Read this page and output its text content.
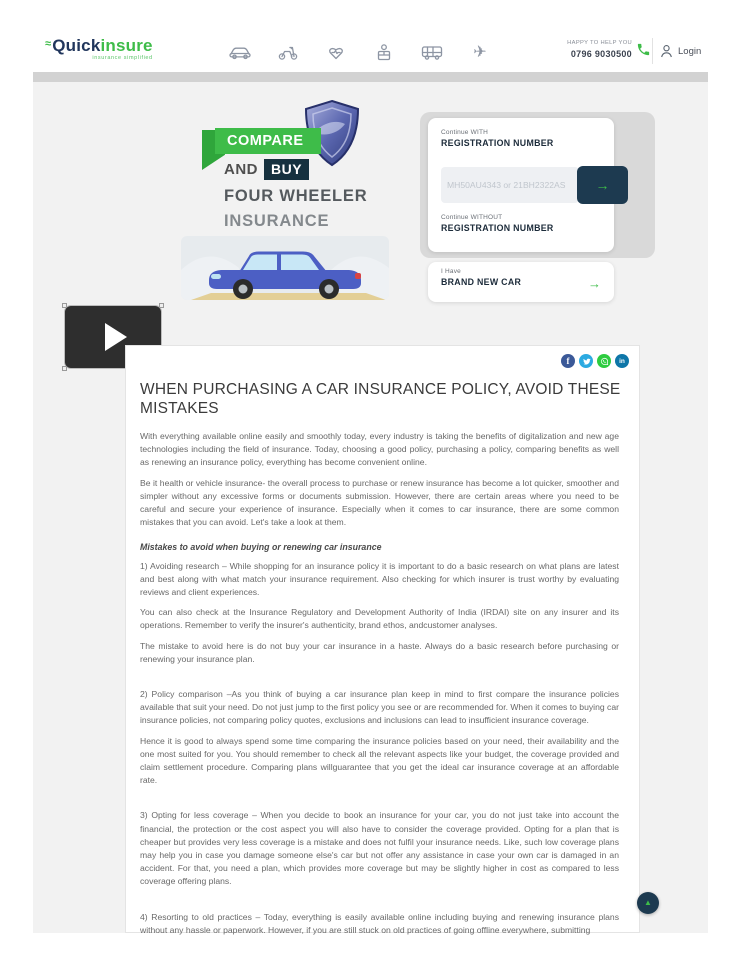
≈Quickinsure
insurance simplified	✈
HAPPY TO HELP YOU
0796 9030500	Login
COMPARE
AND BUY
FOUR WHEELER
INSURANCE
Continue WITH
REGISTRATION NUMBER
MH50AU4343 or 21BH2322AS
→
Continue WITHOUT
REGISTRATION NUMBER
I Have
BRAND NEW CAR	→
f	in
WHEN PURCHASING A CAR INSURANCE POLICY, AVOID THESE MISTAKES

With everything available online easily and smoothly today, every industry is taking the benefits of digitalization and new age technologies including the field of insurance. Today, choosing a good policy, purchasing a policy, comparing benefits as well as renewing an insurance policy, everything has become convenient online.

Be it health or vehicle insurance- the overall process to purchase or renew insurance has become a lot quicker, smoother and simpler without any excessive forms or documents submission. However, there are certain areas where you need to be careful and secure your experience of insurance. Especially when it comes to car insurance, there are some common mistakes that you can avoid. Let's take a look at them.

Mistakes to avoid when buying or renewing car insurance

1) Avoiding research – While shopping for an insurance policy it is important to do a basic research on what plans are latest and best along with what match your insurance requirement. Also checking for which insurer is trust worthy by evaluating reviews and client experiences.

You can also check at the Insurance Regulatory and Development Authority of India (IRDAI) site on any insurer and its operations. Remember to verify the insurer's authenticity, brand ethos, andcustomer analyses.

The mistake to avoid here is do not buy your car insurance in a haste. Always do a basic research before purchasing or renewing your insurance plan.

2) Policy comparison –As you think of buying a car insurance plan keep in mind to first compare the insurance policies available that suit your need. Do not just jump to the first policy you see or are recommended for. When it comes to buying car insurance policies, not comparing policy quotes, exclusions and inclusions can lead to insufficient insurance coverage.

Hence it is good to always spend some time comparing the insurance policies based on your need, their availability and the one most suited for you. You should remember to check all the relevant aspects like your budget, the coverage provided and claim settlement procedure. Comparing plans willguarantee that you get the ideal car insurance coverage at an affordable rate.

3) Opting for less coverage – When you decide to book an insurance for your car, you do not just take into account the financial, the protection or the cost aspect you will also have to consider the coverage provided. Opting for a plan that is cheaper but provides very less coverage is a mistake and does not fulfil your insurance needs. Like, such low coverage plans may help you in case you damage someone else's car but not offer any assistance in case your own car is damaged in an accident. For that, you need a plan, which provides more coverage but may be slightly higher in cost as compared to less coverage offering plans.

4) Resorting to old practices – Today, everything is easily available online including buying and renewing insurance plans without any hassle or paperwork. However, if you are still stuck on old practices of going offline everywhere, submitting

▲
